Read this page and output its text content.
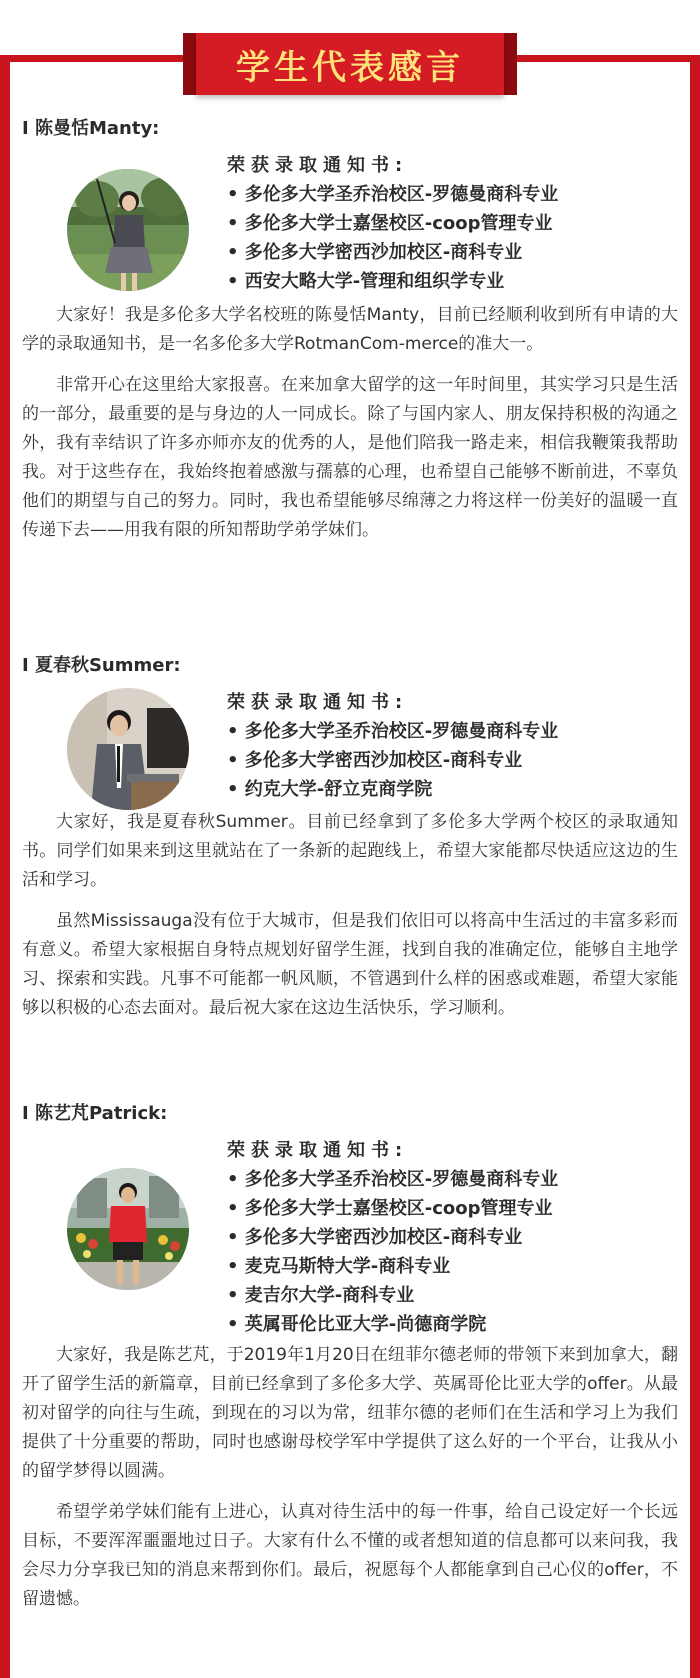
学生代表感言
I 陈曼恬Manty:
荣获录取通知书:
• 多伦多大学圣乔治校区-罗德曼商科专业
• 多伦多大学士嘉堡校区-coop管理专业
• 多伦多大学密西沙加校区-商科专业
• 西安大略大学-管理和组织学专业

大家好！我是多伦多大学名校班的陈曼恬Manty，目前已经顺利收到所有申请的大学的录取通知书，是一名多伦多大学RotmanCom-merce的准大一。

非常开心在这里给大家报喜。在来加拿大留学的这一年时间里，其实学习只是生活的一部分，最重要的是与身边的人一同成长。除了与国内家人、朋友保持积极的沟通之外，我有幸结识了许多亦师亦友的优秀的人，是他们陪我一路走来，相信我鞭策我帮助我。对于这些存在，我始终抱着感激与孺慕的心理，也希望自己能够不断前进，不辜负他们的期望与自己的努力。同时，我也希望能够尽绵薄之力将这样一份美好的温暖一直传递下去——用我有限的所知帮助学弟学妹们。

I 夏春秋Summer:
荣获录取通知书:
• 多伦多大学圣乔治校区-罗德曼商科专业
• 多伦多大学密西沙加校区-商科专业
• 约克大学-舒立克商学院

大家好，我是夏春秋Summer。目前已经拿到了多伦多大学两个校区的录取通知书。同学们如果来到这里就站在了一条新的起跑线上，希望大家能都尽快适应这边的生活和学习。

虽然Mississauga没有位于大城市，但是我们依旧可以将高中生活过的丰富多彩而有意义。希望大家根据自身特点规划好留学生涯，找到自我的准确定位，能够自主地学习、探索和实践。凡事不可能都一帆风顺，不管遇到什么样的困惑或难题，希望大家能够以积极的心态去面对。最后祝大家在这边生活快乐，学习顺利。

I 陈艺芃Patrick:
荣获录取通知书:
• 多伦多大学圣乔治校区-罗德曼商科专业
• 多伦多大学士嘉堡校区-coop管理专业
• 多伦多大学密西沙加校区-商科专业
• 麦克马斯特大学-商科专业
• 麦吉尔大学-商科专业
• 英属哥伦比亚大学-尚德商学院

大家好，我是陈艺芃，于2019年1月20日在纽菲尔德老师的带领下来到加拿大，翻开了留学生活的新篇章，目前已经拿到了多伦多大学、英属哥伦比亚大学的offer。从最初对留学的向往与生疏，到现在的习以为常，纽菲尔德的老师们在生活和学习上为我们提供了十分重要的帮助，同时也感谢母校学军中学提供了这么好的一个平台，让我从小的留学梦得以圆满。

希望学弟学妹们能有上进心，认真对待生活中的每一件事，给自己设定好一个长远目标，不要浑浑噩噩地过日子。大家有什么不懂的或者想知道的信息都可以来问我，我会尽力分享我已知的消息来帮到你们。最后，祝愿每个人都能拿到自己心仪的offer，不留遗憾。
